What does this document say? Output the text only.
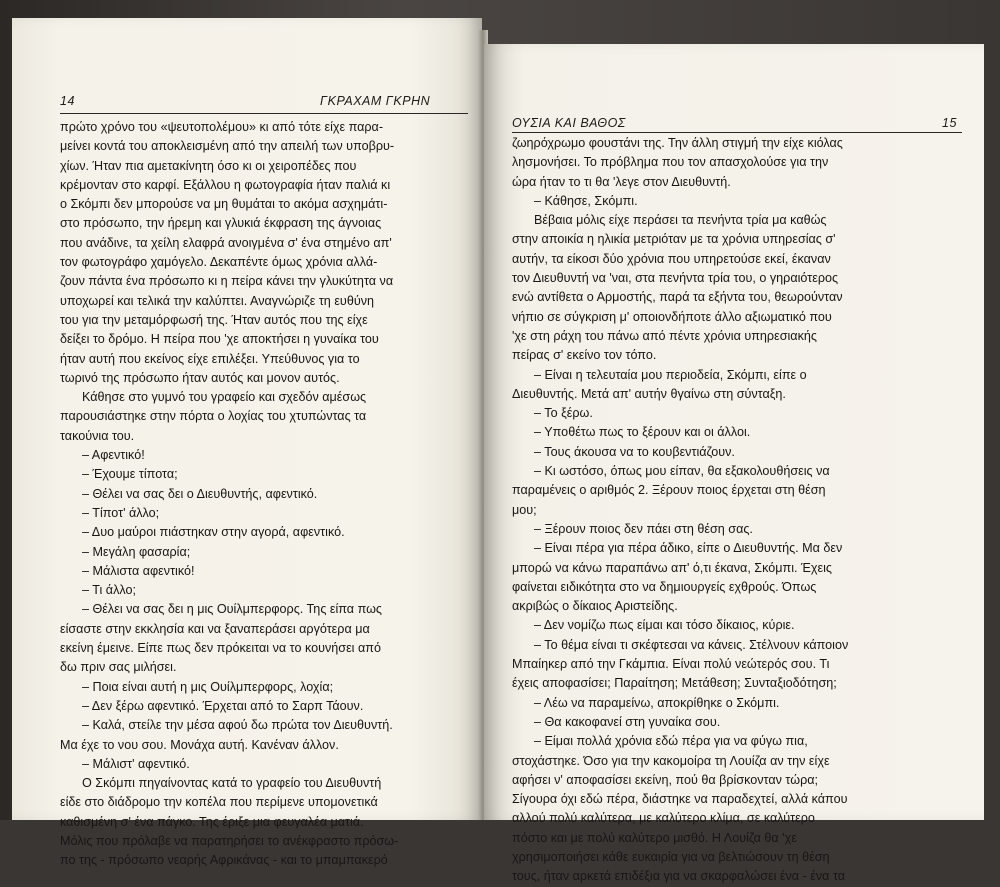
14	ΓΚΡΑΧΑΜ ΓΚΡΗΝ
πρώτο χρόνο του «ψευτοπολέμου» κι από τότε είχε παρα-
μείνει κοντά του αποκλεισμένη από την απειλή των υποβρυ-
χίων. Ήταν πια αμετακίνητη όσο κι οι χειροπέδες που
κρέμονταν στο καρφί. Εξάλλου η φωτογραφία ήταν παλιά κι
ο Σκόμπι δεν μπορούσε να μη θυμάται το ακόμα ασχημάτι-
στο πρόσωπο, την ήρεμη και γλυκιά έκφραση της άγνοιας
που ανάδινε, τα χείλη ελαφρά ανοιγμένα σ' ένα στημένο απ'
τον φωτογράφο χαμόγελο. Δεκαπέντε όμως χρόνια αλλά-
ζουν πάντα ένα πρόσωπο κι η πείρα κάνει την γλυκύτητα να
υποχωρεί και τελικά την καλύπτει. Αναγνώριζε τη ευθύνη
του για την μεταμόρφωσή της. Ήταν αυτός που της είχε
δείξει το δρόμο. Η πείρα που 'χε αποκτήσει η γυναίκα του
ήταν αυτή που εκείνος είχε επιλέξει. Υπεύθυνος για το
τωρινό της πρόσωπο ήταν αυτός και μονον αυτός.
Κάθησε στο γυμνό του γραφείο και σχεδόν αμέσως
παρουσιάστηκε στην πόρτα ο λοχίας του χτυπώντας τα
τακούνια του.
– Αφεντικό!
– Έχουμε τίποτα;
– Θέλει να σας δει ο Διευθυντής, αφεντικό.
– Τίποτ' άλλο;
– Δυο μαύροι πιάστηκαν στην αγορά, αφεντικό.
– Μεγάλη φασαρία;
– Μάλιστα αφεντικό!
– Τι άλλο;
– Θέλει να σας δει η μις Ουίλμπερφορς. Της είπα πως
είσαστε στην εκκλησία και να ξαναπεράσει αργότερα μα
εκείνη έμεινε. Είπε πως δεν πρόκειται να το κουνήσει από
δω πριν σας μιλήσει.
– Ποια είναι αυτή η μις Ουίλμπερφορς, λοχία;
– Δεν ξέρω αφεντικό. Έρχεται από το Σαρπ Τάουν.
– Καλά, στείλε την μέσα αφού δω πρώτα τον Διευθυντή.
Μα έχε το νου σου. Μονάχα αυτή. Κανέναν άλλον.
– Μάλιστ' αφεντικό.
Ο Σκόμπι πηγαίνοντας κατά το γραφείο του Διευθυντή
είδε στο διάδρομο την κοπέλα που περίμενε υπομονετικά
καθισμένη σ' ένα πάγκο. Της έριξε μια φευγαλέα ματιά.
Μόλις που πρόλαβε να παρατηρήσει το ανέκφραστο πρόσω-
πο της - πρόσωπο νεαρής Αφρικάνας - και το μπαμπακερό
ΟΥΣΙΑ ΚΑΙ ΒΑΘΟΣ	15
ζωηρόχρωμο φουστάνι της. Την άλλη στιγμή την είχε κιόλας
λησμονήσει. Το πρόβλημα που τον απασχολούσε για την
ώρα ήταν το τι θα 'λεγε στον Διευθυντή.
– Κάθησε, Σκόμπι.
Βέβαια μόλις είχε περάσει τα πενήντα τρία μα καθώς
στην αποικία η ηλικία μετριόταν με τα χρόνια υπηρεσίας σ'
αυτήν, τα είκοσι δύο χρόνια που υπηρετούσε εκεί, έκαναν
τον Διευθυντή να 'ναι, στα πενήντα τρία του, ο γηραιότερος
ενώ αντίθετα ο Αρμοστής, παρά τα εξήντα του, θεωρούνταν
νήπιο σε σύγκριση μ' οποιονδήποτε άλλο αξιωματικό που
'χε στη ράχη του πάνω από πέντε χρόνια υπηρεσιακής
πείρας σ' εκείνο τον τόπο.
– Είναι η τελευταία μου περιοδεία, Σκόμπι, είπε ο
Διευθυντής. Μετά απ' αυτήν θγαίνω στη σύνταξη.
– Το ξέρω.
– Υποθέτω πως το ξέρουν και οι άλλοι.
– Τους άκουσα να το κουβεντιάζουν.
– Κι ωστόσο, όπως μου είπαν, θα εξακολουθήσεις να
παραμένεις ο αριθμός 2. Ξέρουν ποιος έρχεται στη θέση
μου;
– Ξέρουν ποιος δεν πάει στη θέση σας.
– Είναι πέρα για πέρα άδικο, είπε ο Διευθυντής. Μα δεν
μπορώ να κάνω παραπάνω απ' ό,τι έκανα, Σκόμπι. Έχεις
φαίνεται ειδικότητα στο να δημιουργείς εχθρούς. Όπως
ακριβώς ο δίκαιος Αριστείδης.
– Δεν νομίζω πως είμαι και τόσο δίκαιος, κύριε.
– Το θέμα είναι τι σκέφτεσαι να κάνεις. Στέλνουν κάποιον
Μπαίηκερ από την Γκάμπια. Είναι πολύ νεώτερός σου. Τι
έχεις αποφασίσει; Παραίτηση; Μετάθεση; Συνταξιοδότηση;
– Λέω να παραμείνω, αποκρίθηκε ο Σκόμπι.
– Θα κακοφανεί στη γυναίκα σου.
– Είμαι πολλά χρόνια εδώ πέρα για να φύγω πια,
στοχάστηκε. Όσο για την κακομοίρα τη Λουίζα αν την είχε
αφήσει ν' αποφασίσει εκείνη, πού θα βρίσκονταν τώρα;
Σίγουρα όχι εδώ πέρα, διάστηκε να παραδεχτεί, αλλά κάπου
αλλού πολύ καλύτερα, με καλύτερο κλίμα, σε καλύτερο
πόστο και με πολύ καλύτερο μισθό. Η Λουίζα θα 'χε
χρησιμοποιήσει κάθε ευκαιρία για να βελτιώσουν τη θέση
τους, ήταν αρκετά επιδέξια για να σκαρφαλώσει ένα - ένα τα
